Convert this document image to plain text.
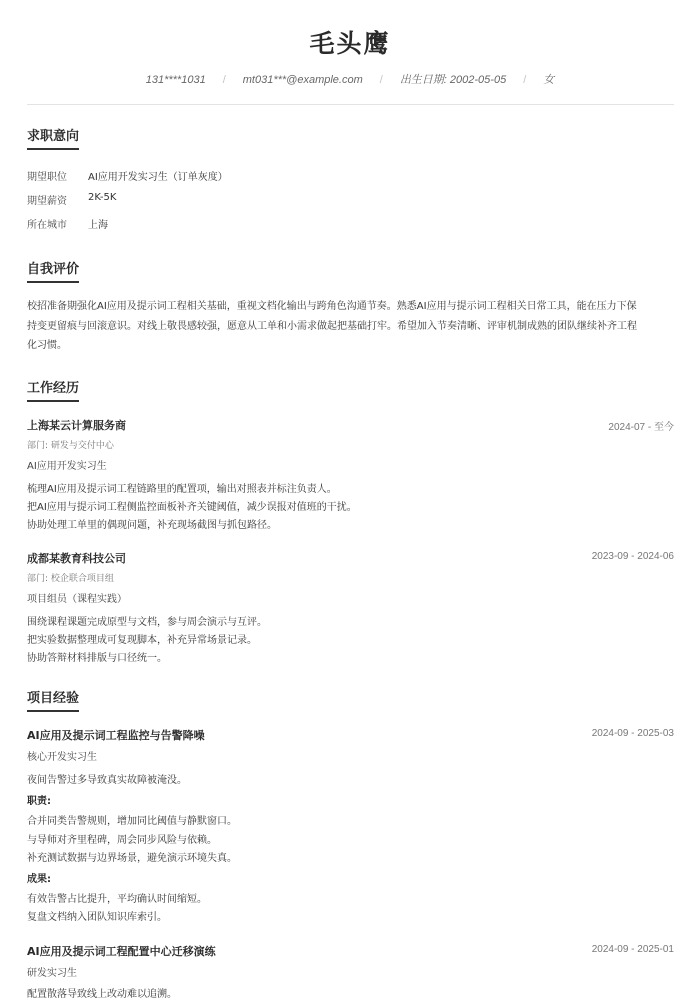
毛头鹰
131****1031 / mt031***@example.com / 出生日期: 2002-05-05 / 女
求职意向
期望职位 AI应用开发实习生（订单灰度）
期望薪资 2K-5K
所在城市 上海
自我评价
校招准备期强化AI应用及提示词工程相关基础，重视文档化输出与跨角色沟通节奏。熟悉AI应用与提示词工程相关日常工具，能在压力下保
持变更留痕与回滚意识。对线上敬畏感较强，愿意从工单和小需求做起把基础打牢。希望加入节奏清晰、评审机制成熟的团队继续补齐工程
化习惯。
工作经历
上海某云计算服务商	2024-07 - 至今
部门: 研发与交付中心
AI应用开发实习生
梳理AI应用及提示词工程链路里的配置项，输出对照表并标注负责人。
把AI应用与提示词工程侧监控面板补齐关键阈值，减少误报对值班的干扰。
协助处理工单里的偶现问题，补充现场截图与抓包路径。
成都某教育科技公司	2023-09 - 2024-06
部门: 校企联合项目组
项目组员（课程实践）
围绕课程课题完成原型与文档，参与周会演示与互评。
把实验数据整理成可复现脚本，补充异常场景记录。
协助答辩材料排版与口径统一。
项目经验
AI应用及提示词工程监控与告警降噪	2024-09 - 2025-03
核心开发实习生
夜间告警过多导致真实故障被淹没。
职责:
合并同类告警规则，增加同比阈值与静默窗口。
与导师对齐里程碑，周会同步风险与依赖。
补充测试数据与边界场景，避免演示环境失真。
成果:
有效告警占比提升，平均确认时间缩短。
复盘文档纳入团队知识库索引。
AI应用及提示词工程配置中心迁移演练	2024-09 - 2025-01
研发实习生
配置散落导致线上改动难以追溯。
